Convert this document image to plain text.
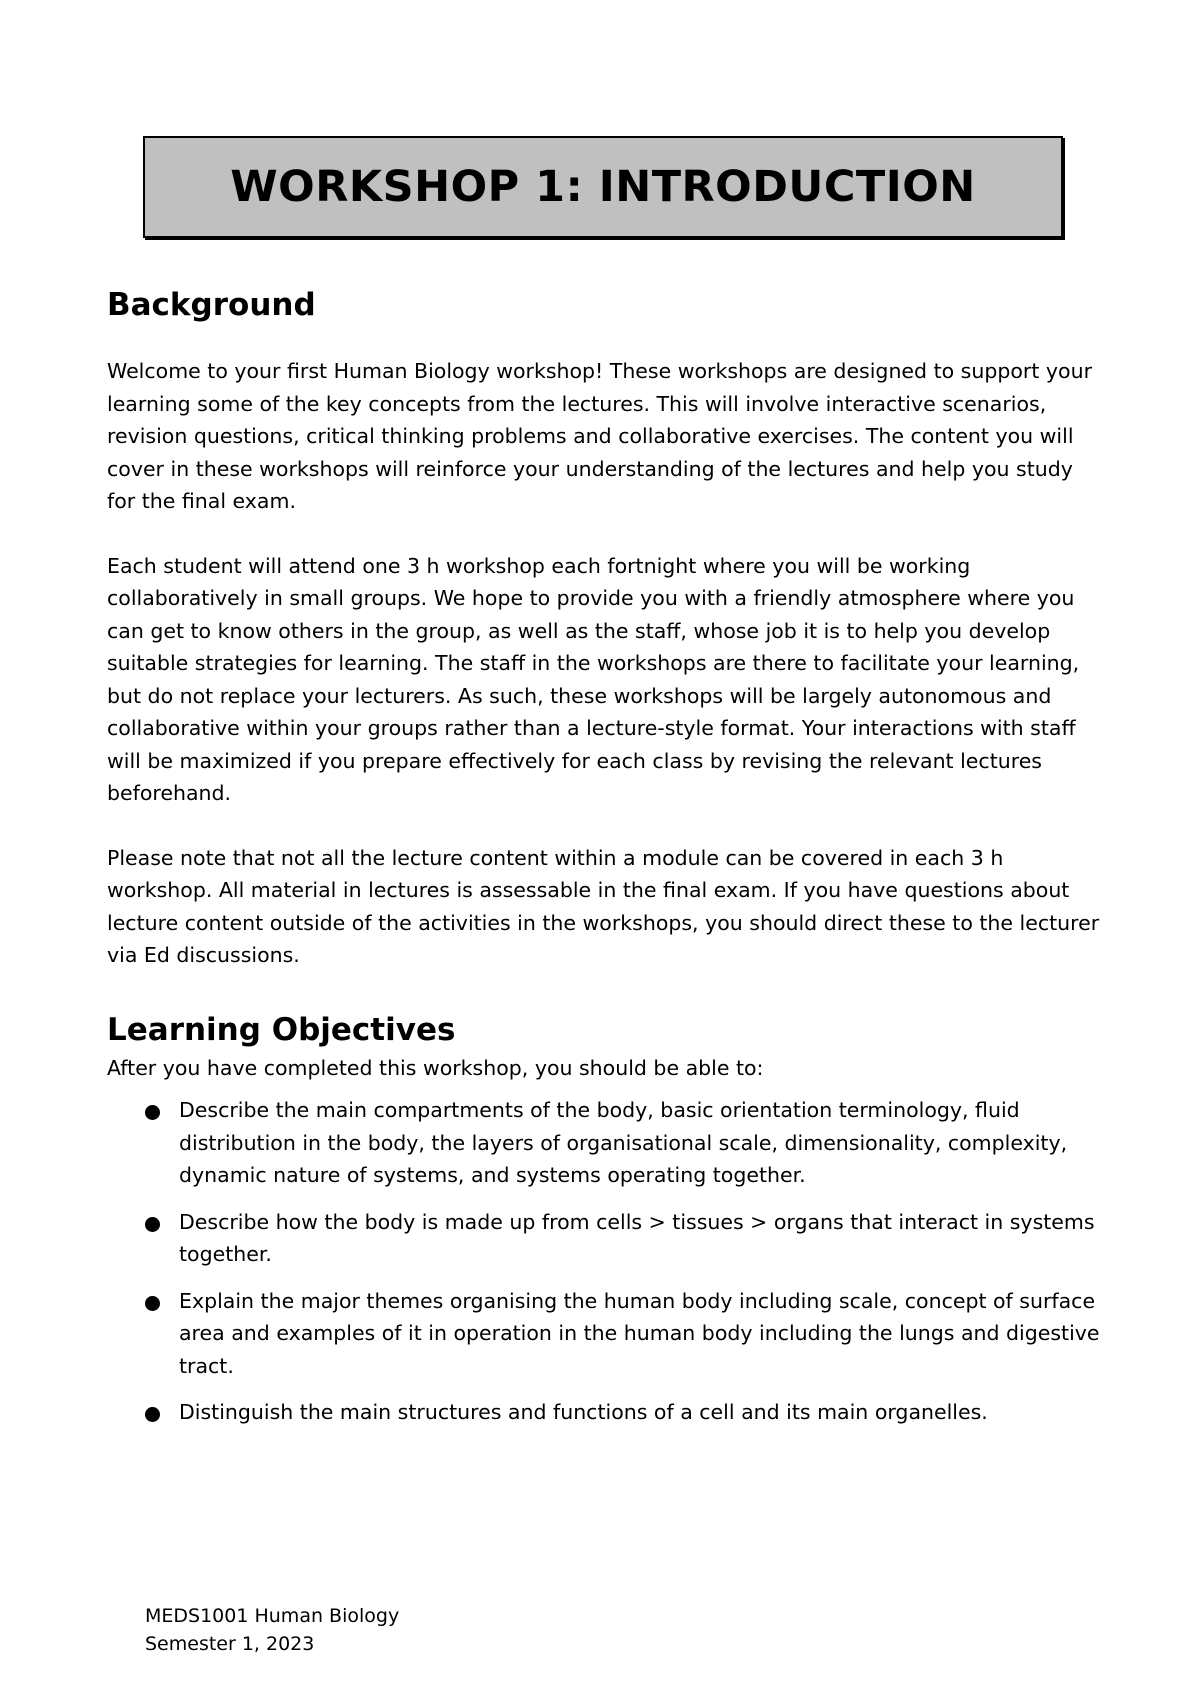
WORKSHOP 1: INTRODUCTION
Background

Welcome to your first Human Biology workshop! These workshops are designed to support your learning some of the key concepts from the lectures. This will involve interactive scenarios, revision questions, critical thinking problems and collaborative exercises. The content you will cover in these workshops will reinforce your understanding of the lectures and help you study for the final exam.

Each student will attend one 3 h workshop each fortnight where you will be working collaboratively in small groups. We hope to provide you with a friendly atmosphere where you can get to know others in the group, as well as the staff, whose job it is to help you develop suitable strategies for learning. The staff in the workshops are there to facilitate your learning, but do not replace your lecturers. As such, these workshops will be largely autonomous and collaborative within your groups rather than a lecture-style format. Your interactions with staff will be maximized if you prepare effectively for each class by revising the relevant lectures beforehand.

Please note that not all the lecture content within a module can be covered in each 3 h workshop. All material in lectures is assessable in the final exam. If you have questions about lecture content outside of the activities in the workshops, you should direct these to the lecturer via Ed discussions.

Learning Objectives

After you have completed this workshop, you should be able to:

Describe the main compartments of the body, basic orientation terminology, fluid distribution in the body, the layers of organisational scale, dimensionality, complexity, dynamic nature of systems, and systems operating together.
Describe how the body is made up from cells > tissues > organs that interact in systems together.
Explain the major themes organising the human body including scale, concept of surface area and examples of it in operation in the human body including the lungs and digestive tract.
Distinguish the main structures and functions of a cell and its main organelles.
MEDS1001 Human Biology
Semester 1, 2023
